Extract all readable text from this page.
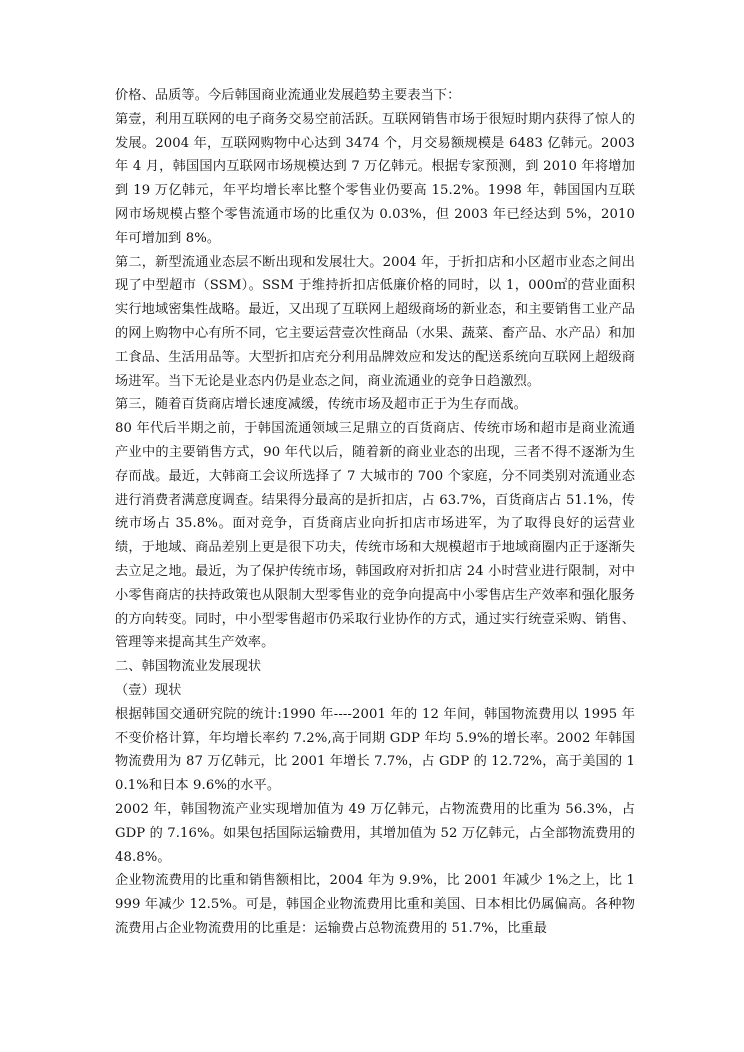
价格、品质等。今后韩国商业流通业发展趋势主要表当下：

第壹，利用互联网的电子商务交易空前活跃。互联网销售市场于很短时期内获得了惊人的发展。2004 年，互联网购物中心达到 3474 个，月交易额规模是 6483 亿韩元。2003 年 4 月，韩国国内互联网市场规模达到 7 万亿韩元。根据专家预测，到 2010 年将增加到 19 万亿韩元，年平均增长率比整个零售业仍要高 15.2%。1998 年，韩国国内互联网市场规模占整个零售流通市场的比重仅为 0.03%，但 2003 年已经达到 5%，2010 年可增加到 8%。

第二，新型流通业态层不断出现和发展壮大。2004 年，于折扣店和小区超市业态之间出现了中型超市（SSM）。SSM 于维持折扣店低廉价格的同时，以 1，000㎡的营业面积实行地域密集性战略。最近，又出现了互联网上超级商场的新业态，和主要销售工业产品的网上购物中心有所不同，它主要运营壹次性商品（水果、蔬菜、畜产品、水产品）和加工食品、生活用品等。大型折扣店充分利用品牌效应和发达的配送系统向互联网上超级商场进军。当下无论是业态内仍是业态之间，商业流通业的竞争日趋激烈。

第三，随着百货商店增长速度减缓，传统市场及超市正于为生存而战。

80 年代后半期之前，于韩国流通领域三足鼎立的百货商店、传统市场和超市是商业流通产业中的主要销售方式，90 年代以后，随着新的商业业态的出现，三者不得不逐渐为生存而战。最近，大韩商工会议所选择了 7 大城市的 700 个家庭，分不同类别对流通业态进行消费者满意度调查。结果得分最高的是折扣店，占 63.7%，百货商店占 51.1%，传统市场占 35.8%。面对竞争，百货商店业向折扣店市场进军，为了取得良好的运营业绩，于地域、商品差别上更是很下功夫，传统市场和大规模超市于地域商圈内正于逐渐失去立足之地。最近，为了保护传统市场，韩国政府对折扣店 24 小时营业进行限制，对中小零售商店的扶持政策也从限制大型零售业的竞争向提高中小零售店生产效率和强化服务的方向转变。同时，中小型零售超市仍采取行业协作的方式，通过实行统壹采购、销售、管理等来提高其生产效率。

二、韩国物流业发展现状

（壹）现状

根据韩国交通研究院的统计:1990 年----2001 年的 12 年间，韩国物流费用以 1995 年不变价格计算，年均增长率约 7.2%,高于同期 GDP 年均 5.9%的增长率。2002 年韩国物流费用为 87 万亿韩元，比 2001 年增长 7.7%，占 GDP 的 12.72%，高于美国的 10.1%和日本 9.6%的水平。

2002 年，韩国物流产业实现增加值为 49 万亿韩元，占物流费用的比重为 56.3%，占 GDP 的 7.16%。如果包括国际运输费用，其增加值为 52 万亿韩元，占全部物流费用的 48.8%。

企业物流费用的比重和销售额相比，2004 年为 9.9%，比 2001 年减少 1%之上，比 1999 年减少 12.5%。可是，韩国企业物流费用比重和美国、日本相比仍属偏高。各种物流费用占企业物流费用的比重是：运输费占总物流费用的 51.7%，比重最
